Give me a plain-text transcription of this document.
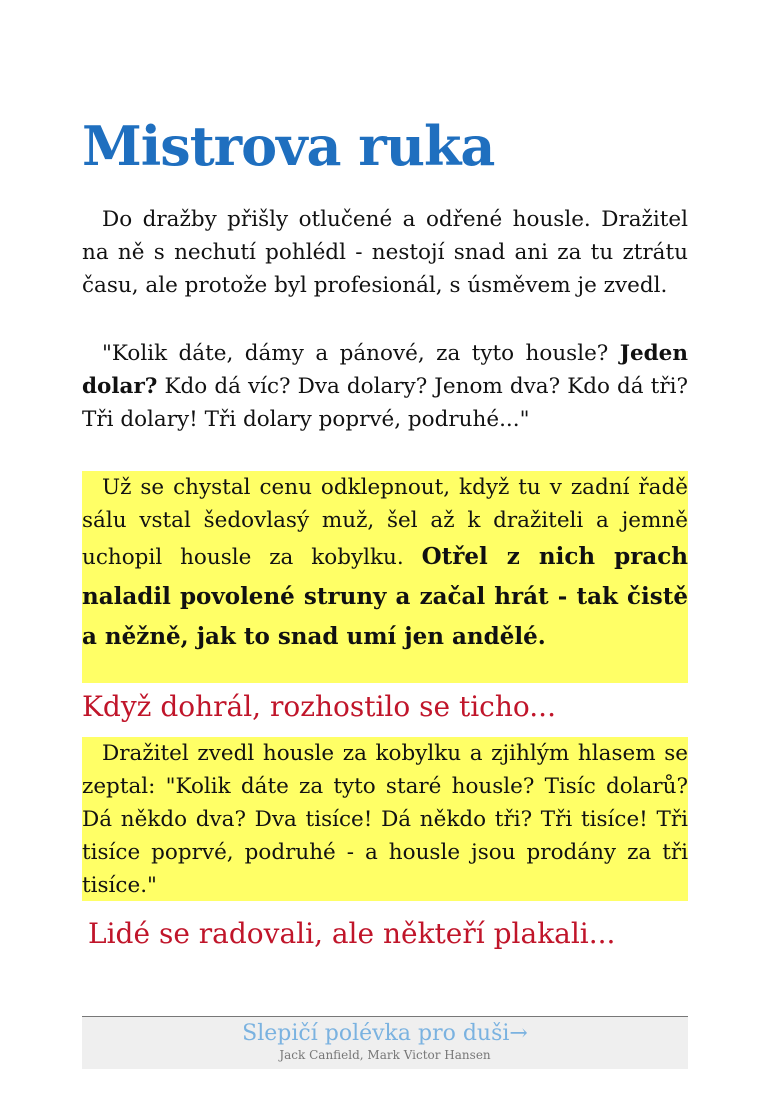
Mistrova ruka

Do dražby přišly otlučené a odřené housle. Dražitel na ně s nechutí pohlédl - nestojí snad ani za tu ztrátu času, ale protože byl profesionál, s úsměvem je zvedl.

"Kolik dáte, dámy a pánové, za tyto housle? Jeden dolar? Kdo dá víc? Dva dolary? Jenom dva? Kdo dá tři? Tři dolary! Tři dolary poprvé, podruhé..."

Už se chystal cenu odklepnout, když tu v zadní řadě sálu vstal šedovlasý muž, šel až k dražiteli a jemně uchopil housle za kobylku. Otřel z nich prach naladil povolené struny a začal hrát - tak čistě a něžně, jak to snad umí jen andělé.

Když dohrál, rozhostilo se ticho...

Dražitel zvedl housle za kobylku a zjihlým hlasem se zeptal: "Kolik dáte za tyto staré housle? Tisíc dolarů? Dá někdo dva? Dva tisíce! Dá někdo tři? Tři tisíce! Tři tisíce poprvé, podruhé - a housle jsou prodány za tři tisíce."

Lidé se radovali, ale někteří plakali...

Slepičí polévka pro duši→
Jack Canfield, Mark Victor Hansen
